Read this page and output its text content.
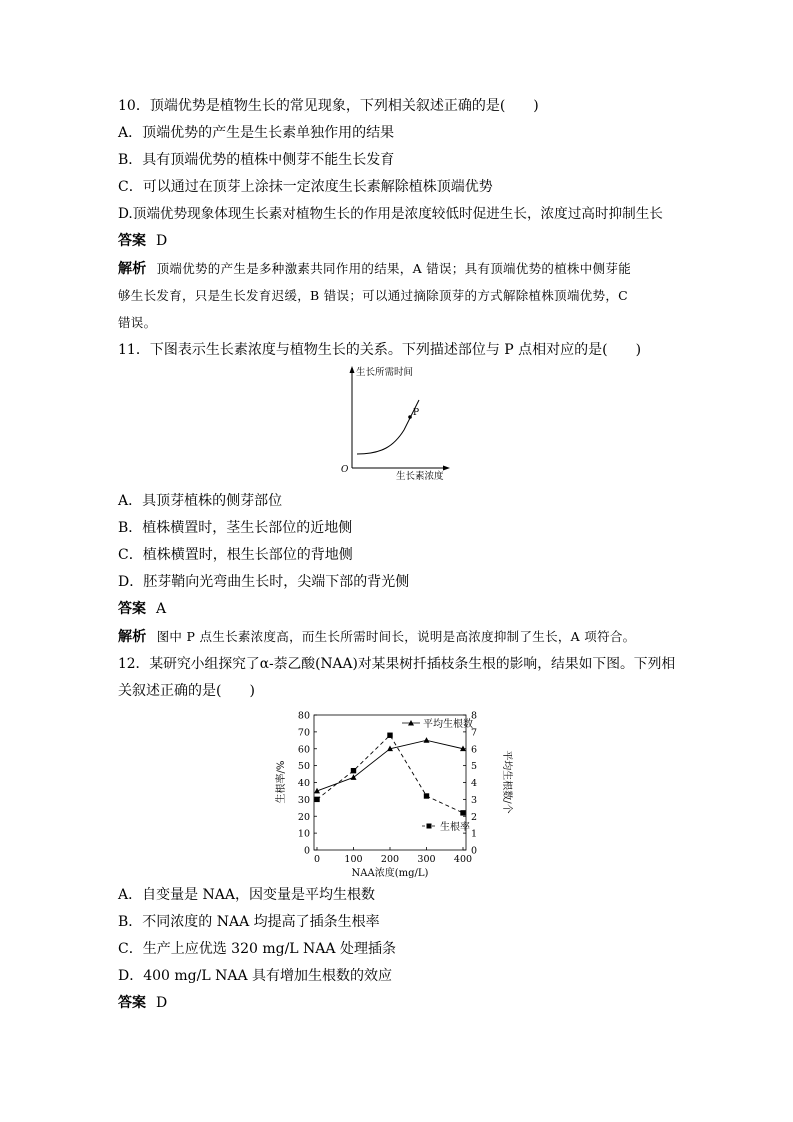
10．顶端优势是植物生长的常见现象，下列相关叙述正确的是(　　)
A．顶端优势的产生是生长素单独作用的结果
B．具有顶端优势的植株中侧芽不能生长发育
C．可以通过在顶芽上涂抹一定浓度生长素解除植株顶端优势
D.顶端优势现象体现生长素对植物生长的作用是浓度较低时促进生长，浓度过高时抑制生长
答案 D
解析 顶端优势的产生是多种激素共同作用的结果，A 错误；具有顶端优势的植株中侧芽能
够生长发育，只是生长发育迟缓，B 错误；可以通过摘除顶芽的方式解除植株顶端优势，C
错误。
11．下图表示生长素浓度与植物生长的关系。下列描述部位与 P 点相对应的是(　　)
P
生长所需时间
生长素浓度
O
A．具顶芽植株的侧芽部位
B．植株横置时，茎生长部位的近地侧
C．植株横置时，根生长部位的背地侧
D．胚芽鞘向光弯曲生长时，尖端下部的背光侧
答案 A
解析 图中 P 点生长素浓度高，而生长所需时间长，说明是高浓度抑制了生长，A 项符合。
12．某研究小组探究了α-萘乙酸(NAA)对某果树扦插枝条生根的影响，结果如下图。下列相
关叙述正确的是(　　)
0
10
20
30
40
50
60
70
80
0
1
2
3
4
5
6
7
8
0	100 200 300 400
平均生根数
生根率
NAA浓度(mg/L)
生根率/%	平均生根数/个
A．自变量是 NAA，因变量是平均生根数
B．不同浓度的 NAA 均提高了插条生根率
C．生产上应优选 320 mg/L NAA 处理插条
D．400 mg/L NAA 具有增加生根数的效应
答案 D
